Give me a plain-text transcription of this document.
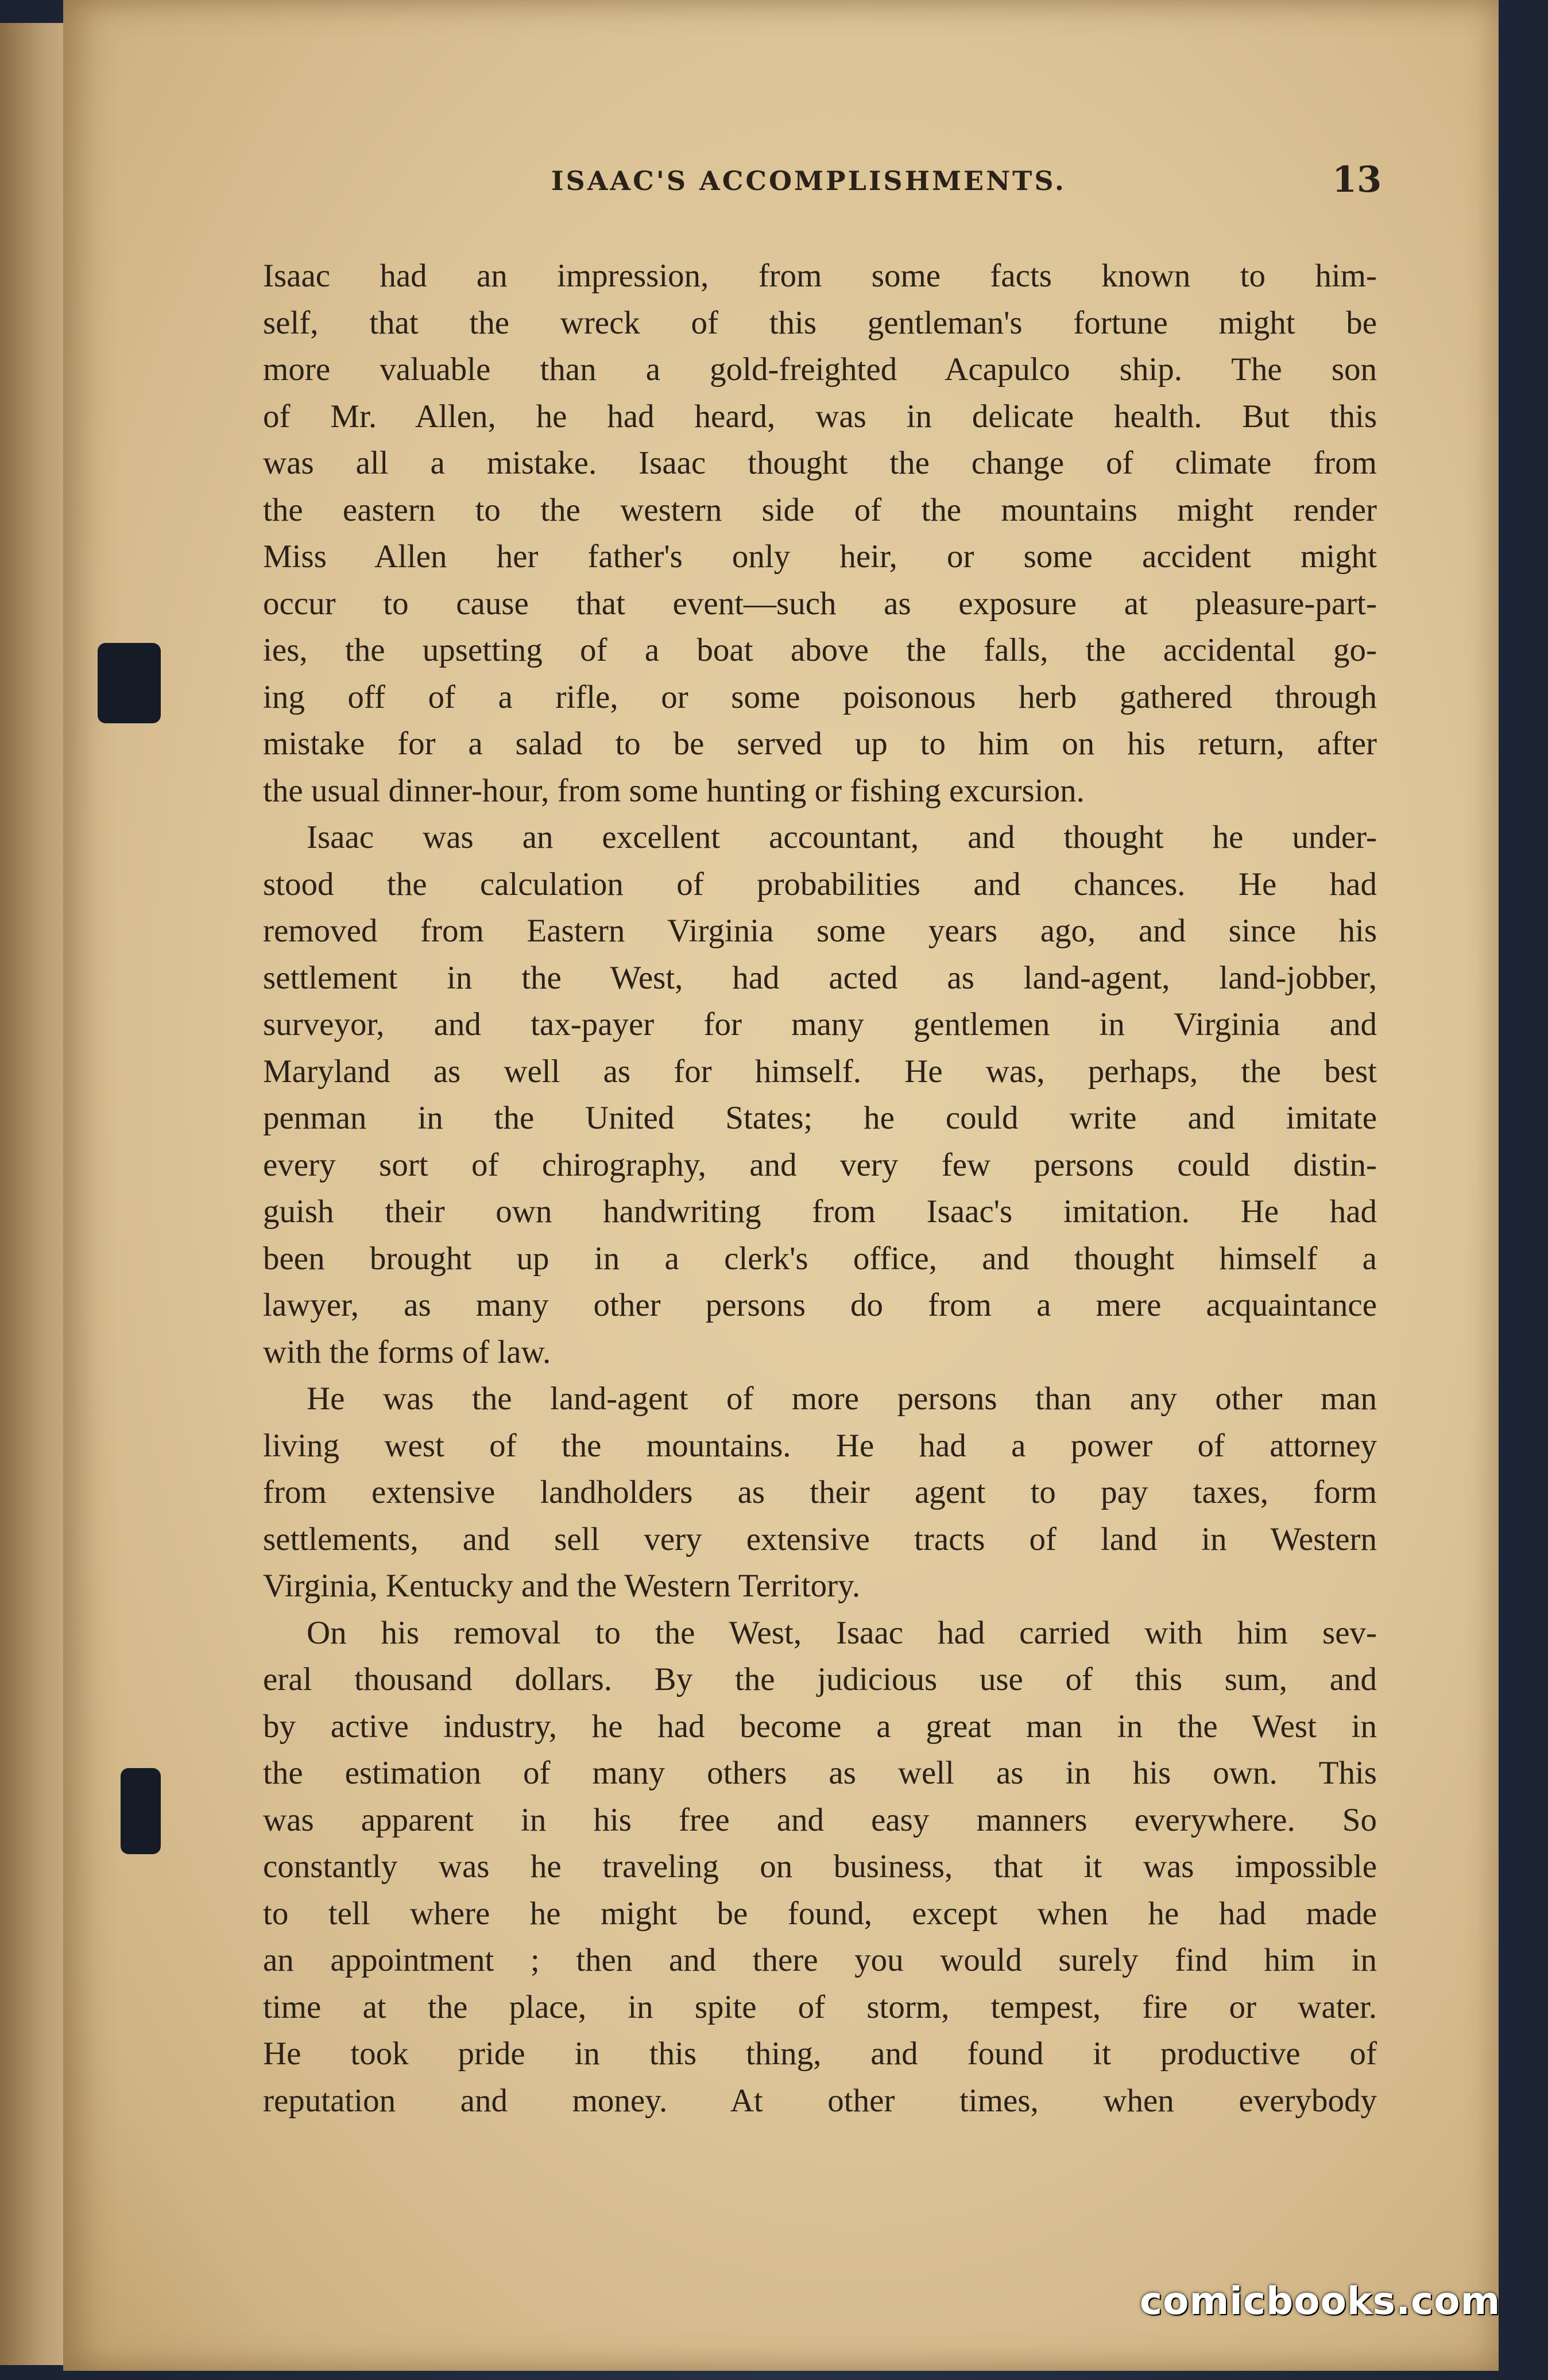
ISAAC'S ACCOMPLISHMENTS.	13
Isaac had an impression, from some facts known to him-
self, that the wreck of this gentleman's fortune might be
more valuable than a gold-freighted Acapulco ship. The son
of Mr. Allen, he had heard, was in delicate health. But this
was all a mistake. Isaac thought the change of climate from
the eastern to the western side of the mountains might render
Miss Allen her father's only heir, or some accident might
occur to cause that event—such as exposure at pleasure-part-
ies, the upsetting of a boat above the falls, the accidental go-
ing off of a rifle, or some poisonous herb gathered through
mistake for a salad to be served up to him on his return, after
the usual dinner-hour, from some hunting or fishing excursion.
Isaac was an excellent accountant, and thought he under-
stood the calculation of probabilities and chances. He had
removed from Eastern Virginia some years ago, and since his
settlement in the West, had acted as land-agent, land-jobber,
surveyor, and tax-payer for many gentlemen in Virginia and
Maryland as well as for himself. He was, perhaps, the best
penman in the United States; he could write and imitate
every sort of chirography, and very few persons could distin-
guish their own handwriting from Isaac's imitation. He had
been brought up in a clerk's office, and thought himself a
lawyer, as many other persons do from a mere acquaintance
with the forms of law.
He was the land-agent of more persons than any other man
living west of the mountains. He had a power of attorney
from extensive landholders as their agent to pay taxes, form
settlements, and sell very extensive tracts of land in Western
Virginia, Kentucky and the Western Territory.
On his removal to the West, Isaac had carried with him sev-
eral thousand dollars. By the judicious use of this sum, and
by active industry, he had become a great man in the West in
the estimation of many others as well as in his own. This
was apparent in his free and easy manners everywhere. So
constantly was he traveling on business, that it was impossible
to tell where he might be found, except when he had made
an appointment ; then and there you would surely find him in
time at the place, in spite of storm, tempest, fire or water.
He took pride in this thing, and found it productive of
reputation and money. At other times, when everybody
comicbooks.com
